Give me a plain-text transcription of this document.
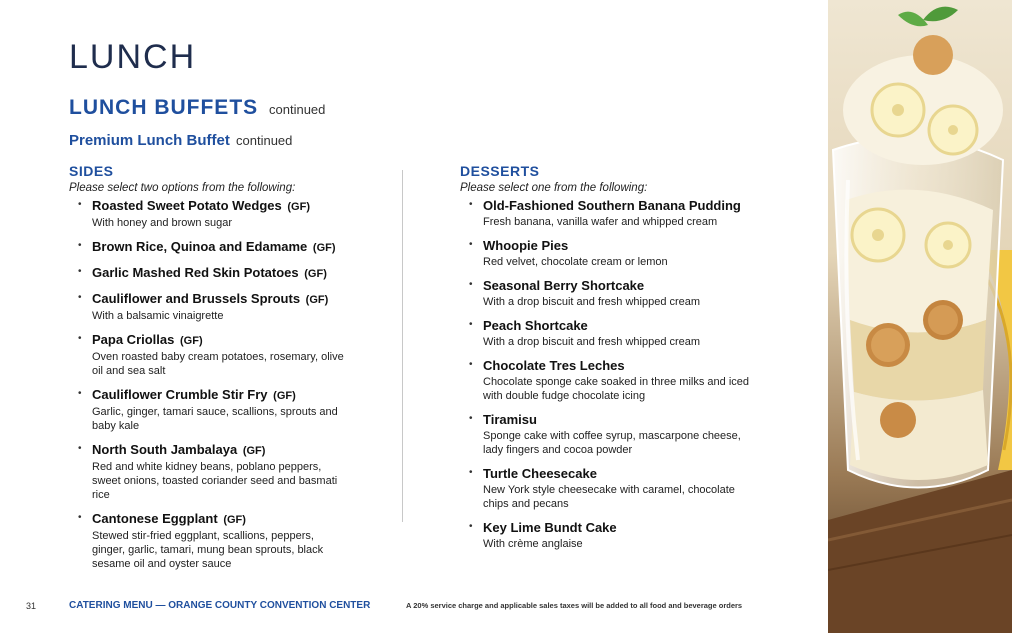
LUNCH
LUNCH BUFFETS continued
Premium Lunch Buffet continued
SIDES
Please select two options from the following:
• Roasted Sweet Potato Wedges (GF)
With honey and brown sugar
• Brown Rice, Quinoa and Edamame (GF)
• Garlic Mashed Red Skin Potatoes (GF)
• Cauliflower and Brussels Sprouts (GF)
With a balsamic vinaigrette
• Papa Criollas (GF)
Oven roasted baby cream potatoes, rosemary, olive oil and sea salt
• Cauliflower Crumble Stir Fry (GF)
Garlic, ginger, tamari sauce, scallions, sprouts and baby kale
• North South Jambalaya (GF)
Red and white kidney beans, poblano peppers, sweet onions, toasted coriander seed and basmati rice
• Cantonese Eggplant (GF)
Stewed stir-fried eggplant, scallions, peppers, ginger, garlic, tamari, mung bean sprouts, black sesame oil and oyster sauce
DESSERTS
Please select one from the following:
• Old-Fashioned Southern Banana Pudding
Fresh banana, vanilla wafer and whipped cream
• Whoopie Pies
Red velvet, chocolate cream or lemon
• Seasonal Berry Shortcake
With a drop biscuit and fresh whipped cream
• Peach Shortcake
With a drop biscuit and fresh whipped cream
• Chocolate Tres Leches
Chocolate sponge cake soaked in three milks and iced with double fudge chocolate icing
• Tiramisu
Sponge cake with coffee syrup, mascarpone cheese, lady fingers and cocoa powder
• Turtle Cheesecake
New York style cheesecake with caramel, chocolate chips and pecans
• Key Lime Bundt Cake
With crème anglaise
31	CATERING MENU — ORANGE COUNTY CONVENTION CENTER	A 20% service charge and applicable sales taxes will be added to all food and beverage orders
